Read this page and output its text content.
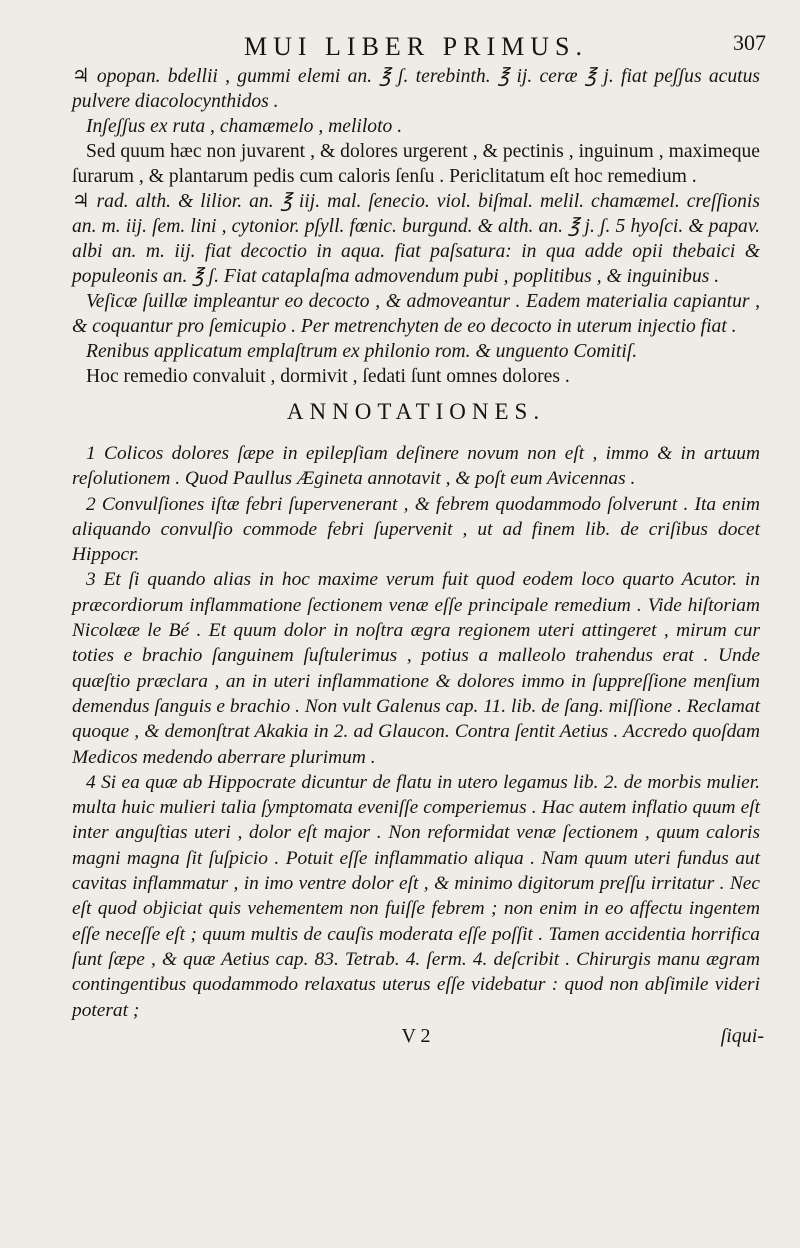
MUI LIBER PRIMUS.	307
♃ opopan. bdellii , gummi elemi an. ℥ ʃ. terebinth. ℥ ij. ceræ ℥ j. fiat peʃʃus acutus pulvere diacolocynthidos .
Inʃeʃʃus ex ruta , chamæmelo , meliloto .
Sed quum hæc non juvarent , & dolores urgerent , & pectinis , inguinum , maximeque ſurarum , & plantarum pedis cum caloris ſenſu . Periclitatum eſt hoc remedium .
♃ rad. alth. & lilior. an. ℥ iij. mal. ſenecio. viol. biſmal. melil. chamæmel. creſſionis an. m. iij. ſem. lini , cytonior. pſyll. fœnic. burgund. & alth. an. ℥ j. ʃ. 5 hyoſci. & papav. albi an. m. iij. fiat decoctio in aqua. fiat paſsatura: in qua adde opii thebaici & populeonis an. ℥ ʃ. Fiat cataplaſma admovendum pubi , poplitibus , & inguinibus .
Veſicæ ſuillæ impleantur eo decocto , & admoveantur . Eadem materialia capiantur , & coquantur pro ſemicupio . Per metrenchyten de eo decocto in uterum injectio fiat .
Renibus applicatum emplaſtrum ex philonio rom. & unguento Comitiſ.
Hoc remedio convaluit , dormivit , ſedati ſunt omnes dolores .
ANNOTATIONES.

1 Colicos dolores ſæpe in epilepſiam deſinere novum non eſt , immo & in artuum reſolutionem . Quod Paullus Ægineta annotavit , & poſt eum Avicennas .

2 Convulſiones iſtæ febri ſupervenerant , & febrem quodammodo ſolverunt . Ita enim aliquando convulſio commode febri ſupervenit , ut ad finem lib. de criſibus docet Hippocr.

3 Et ſi quando alias in hoc maxime verum fuit quod eodem loco quarto Acutor. in præcordiorum inflammatione ſectionem venæ eſſe principale remedium . Vide hiſtoriam Nicolææ le Bé . Et quum dolor in noſtra ægra regionem uteri attingeret , mirum cur toties e brachio ſanguinem ſuſtulerimus , potius a malleolo trahendus erat . Unde quæſtio præclara , an in uteri inflammatione & dolores immo in ſuppreſſione menſium demendus ſanguis e brachio . Non vult Galenus cap. 11. lib. de ſang. miſſione . Reclamat quoque , & demonſtrat Akakia in 2. ad Glaucon. Contra ſentit Aetius . Accredo quoſdam Medicos medendo aberrare plurimum .

4 Si ea quæ ab Hippocrate dicuntur de flatu in utero legamus lib. 2. de morbis mulier. multa huic mulieri talia ſymptomata eveniſſe comperiemus . Hac autem inflatio quum eſt inter anguſtias uteri , dolor eſt major . Non reformidat venæ ſectionem , quum caloris magni magna ſit ſuſpicio . Potuit eſſe inflammatio aliqua . Nam quum uteri fundus aut cavitas inflammatur , in imo ventre dolor eſt , & minimo digitorum preſſu irritatur . Nec eſt quod objiciat quis vehementem non fuiſſe febrem ; non enim in eo affectu ingentem eſſe neceſſe eſt ; quum multis de cauſis moderata eſſe poſſit . Tamen accidentia horrifica ſunt ſæpe , & quæ Aetius cap. 83. Tetrab. 4. ſerm. 4. deſcribit . Chirurgis manu ægram contingentibus quodammodo relaxatus uterus eſſe videbatur : quod non abſimile videri poterat ;

V 2	ſiqui-
